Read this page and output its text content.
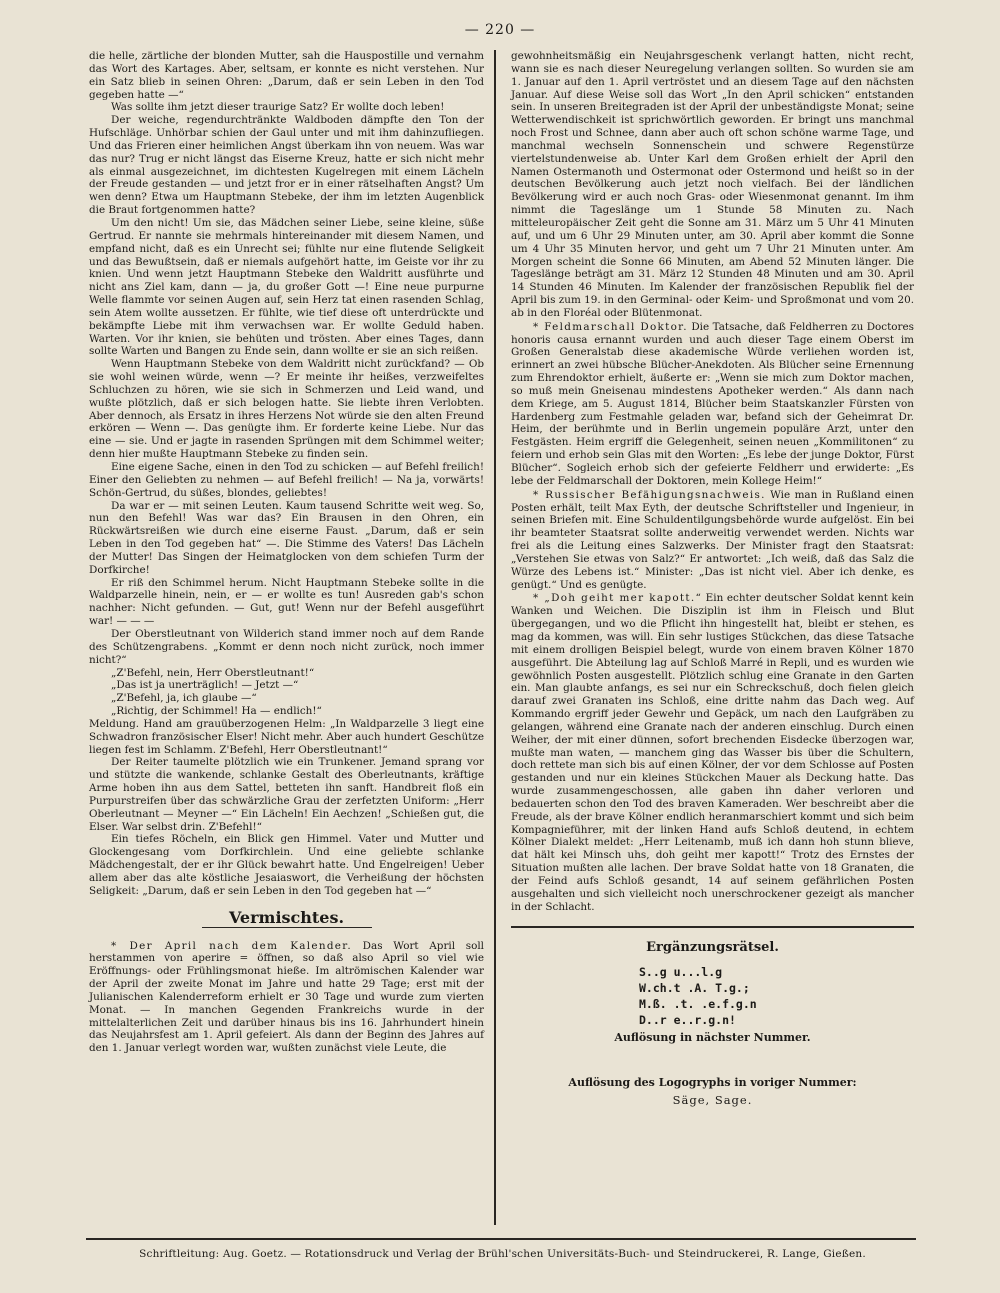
— 220 —

die helle, zärtliche der blonden Mutter, sah die Hauspostille und vernahm das Wort des Kartages. Aber, seltsam, er konnte es nicht verstehen. Nur ein Satz blieb in seinen Ohren: „Darum, daß er sein Leben in den Tod gegeben hatte —“

Was sollte ihm jetzt dieser traurige Satz? Er wollte doch leben!

Der weiche, regendurchtränkte Waldboden dämpfte den Ton der Hufschläge. Unhörbar schien der Gaul unter und mit ihm dahinzufliegen. Und das Frieren einer heimlichen Angst überkam ihn von neuem. Was war das nur? Trug er nicht längst das Eiserne Kreuz, hatte er sich nicht mehr als einmal ausgezeichnet, im dichtesten Kugelregen mit einem Lächeln der Freude gestanden — und jetzt fror er in einer rätselhaften Angst? Um wen denn? Etwa um Hauptmann Stebeke, der ihm im letzten Augenblick die Braut fortgenommen hatte?

Um den nicht! Um sie, das Mädchen seiner Liebe, seine kleine, süße Gertrud. Er nannte sie mehrmals hintereinander mit diesem Namen, und empfand nicht, daß es ein Unrecht sei; fühlte nur eine flutende Seligkeit und das Bewußtsein, daß er niemals aufgehört hatte, im Geiste vor ihr zu knien. Und wenn jetzt Hauptmann Stebeke den Waldritt ausführte und nicht ans Ziel kam, dann — ja, du großer Gott —! Eine neue purpurne Welle flammte vor seinen Augen auf, sein Herz tat einen rasenden Schlag, sein Atem wollte aussetzen. Er fühlte, wie tief diese oft unterdrückte und bekämpfte Liebe mit ihm verwachsen war. Er wollte Geduld haben. Warten. Vor ihr knien, sie behüten und trösten. Aber eines Tages, dann sollte Warten und Bangen zu Ende sein, dann wollte er sie an sich reißen.

Wenn Hauptmann Stebeke von dem Waldritt nicht zurückfand? — Ob sie wohl weinen würde, wenn —? Er meinte ihr heißes, verzweifeltes Schluchzen zu hören, wie sie sich in Schmerzen und Leid wand, und wußte plötzlich, daß er sich belogen hatte. Sie liebte ihren Verlobten. Aber dennoch, als Ersatz in ihres Herzens Not würde sie den alten Freund erkören — Wenn —. Das genügte ihm. Er forderte keine Liebe. Nur das eine — sie. Und er jagte in rasenden Sprüngen mit dem Schimmel weiter; denn hier mußte Hauptmann Stebeke zu finden sein.

Eine eigene Sache, einen in den Tod zu schicken — auf Befehl freilich! Einer den Geliebten zu nehmen — auf Befehl freilich! — Na ja, vorwärts! Schön-Gertrud, du süßes, blondes, geliebtes!

Da war er — mit seinen Leuten. Kaum tausend Schritte weit weg. So, nun den Befehl! Was war das? Ein Brausen in den Ohren, ein Rückwärtsreißen wie durch eine eiserne Faust. „Darum, daß er sein Leben in den Tod gegeben hat“ —. Die Stimme des Vaters! Das Lächeln der Mutter! Das Singen der Heimatglocken von dem schiefen Turm der Dorfkirche!

Er riß den Schimmel herum. Nicht Hauptmann Stebeke sollte in die Waldparzelle hinein, nein, er — er wollte es tun! Ausreden gab's schon nachher: Nicht gefunden. — Gut, gut! Wenn nur der Befehl ausgeführt war! — — —

Der Oberstleutnant von Wilderich stand immer noch auf dem Rande des Schützengrabens. „Kommt er denn noch nicht zurück, noch immer nicht?“

„Z'Befehl, nein, Herr Oberstleutnant!“

„Das ist ja unerträglich! — Jetzt —“

„Z'Befehl, ja, ich glaube —“

„Richtig, der Schimmel! Ha — endlich!“

Meldung. Hand am grauüberzogenen Helm: „In Waldparzelle 3 liegt eine Schwadron französischer Elser! Nicht mehr. Aber auch hundert Geschütze liegen fest im Schlamm. Z'Befehl, Herr Oberstleutnant!“

Der Reiter taumelte plötzlich wie ein Trunkener. Jemand sprang vor und stützte die wankende, schlanke Gestalt des Oberleutnants, kräftige Arme hoben ihn aus dem Sattel, betteten ihn sanft. Handbreit floß ein Purpurstreifen über das schwärzliche Grau der zerfetzten Uniform: „Herr Oberleutnant — Meyner —“ Ein Lächeln! Ein Aechzen! „Schießen gut, die Elser. War selbst drin. Z'Befehl!“

Ein tiefes Röcheln, ein Blick gen Himmel. Vater und Mutter und Glockengesang vom Dorfkirchlein. Und eine geliebte schlanke Mädchengestalt, der er ihr Glück bewahrt hatte. Und Engelreigen! Ueber allem aber das alte köstliche Jesaiaswort, die Verheißung der höchsten Seligkeit: „Darum, daß er sein Leben in den Tod gegeben hat —“

Vermischtes.

* Der April nach dem Kalender. Das Wort April soll herstammen von aperire = öffnen, so daß also April so viel wie Eröffnungs- oder Frühlingsmonat hieße. Im altrömischen Kalender war der April der zweite Monat im Jahre und hatte 29 Tage; erst mit der Julianischen Kalenderreform erhielt er 30 Tage und wurde zum vierten Monat. — In manchen Gegenden Frankreichs wurde in der mittelalterlichen Zeit und darüber hinaus bis ins 16. Jahrhundert hinein das Neujahrsfest am 1. April gefeiert. Als dann der Beginn des Jahres auf den 1. Januar verlegt worden war, wußten zunächst viele Leute, die

gewohnheitsmäßig ein Neujahrsgeschenk verlangt hatten, nicht recht, wann sie es nach dieser Neuregelung verlangen sollten. So wurden sie am 1. Januar auf den 1. April vertröstet und an diesem Tage auf den nächsten Januar. Auf diese Weise soll das Wort „In den April schicken“ entstanden sein. In unseren Breitegraden ist der April der unbeständigste Monat; seine Wetterwendischkeit ist sprichwörtlich geworden. Er bringt uns manchmal noch Frost und Schnee, dann aber auch oft schon schöne warme Tage, und manchmal wechseln Sonnenschein und schwere Regenstürze viertelstundenweise ab. Unter Karl dem Großen erhielt der April den Namen Ostermanoth und Ostermonat oder Ostermond und heißt so in der deutschen Bevölkerung auch jetzt noch vielfach. Bei der ländlichen Bevölkerung wird er auch noch Gras- oder Wiesenmonat genannt. Im ihm nimmt die Tageslänge um 1 Stunde 58 Minuten zu. Nach mitteleuropäischer Zeit geht die Sonne am 31. März um 5 Uhr 41 Minuten auf, und um 6 Uhr 29 Minuten unter, am 30. April aber kommt die Sonne um 4 Uhr 35 Minuten hervor, und geht um 7 Uhr 21 Minuten unter. Am Morgen scheint die Sonne 66 Minuten, am Abend 52 Minuten länger. Die Tageslänge beträgt am 31. März 12 Stunden 48 Minuten und am 30. April 14 Stunden 46 Minuten. Im Kalender der französischen Republik fiel der April bis zum 19. in den Germinal- oder Keim- und Sproßmonat und vom 20. ab in den Floréal oder Blütenmonat.

* Feldmarschall Doktor. Die Tatsache, daß Feldherren zu Doctores honoris causa ernannt wurden und auch dieser Tage einem Oberst im Großen Generalstab diese akademische Würde verliehen worden ist, erinnert an zwei hübsche Blücher-Anekdoten. Als Blücher seine Ernennung zum Ehrendoktor erhielt, äußerte er: „Wenn sie mich zum Doktor machen, so muß mein Gneisenau mindestens Apotheker werden.“ Als dann nach dem Kriege, am 5. August 1814, Blücher beim Staatskanzler Fürsten von Hardenberg zum Festmahle geladen war, befand sich der Geheimrat Dr. Heim, der berühmte und in Berlin ungemein populäre Arzt, unter den Festgästen. Heim ergriff die Gelegenheit, seinen neuen „Kommilitonen“ zu feiern und erhob sein Glas mit den Worten: „Es lebe der junge Doktor, Fürst Blücher“. Sogleich erhob sich der gefeierte Feldherr und erwiderte: „Es lebe der Feldmarschall der Doktoren, mein Kollege Heim!“

* Russischer Befähigungsnachweis. Wie man in Rußland einen Posten erhält, teilt Max Eyth, der deutsche Schriftsteller und Ingenieur, in seinen Briefen mit. Eine Schuldentilgungsbehörde wurde aufgelöst. Ein bei ihr beamteter Staatsrat sollte anderweitig verwendet werden. Nichts war frei als die Leitung eines Salzwerks. Der Minister fragt den Staatsrat: „Verstehen Sie etwas von Salz?“ Er antwortet: „Ich weiß, daß das Salz die Würze des Lebens ist.“ Minister: „Das ist nicht viel. Aber ich denke, es genügt.“ Und es genügte.

* „Doh geiht mer kapott.“ Ein echter deutscher Soldat kennt kein Wanken und Weichen. Die Disziplin ist ihm in Fleisch und Blut übergegangen, und wo die Pflicht ihn hingestellt hat, bleibt er stehen, es mag da kommen, was will. Ein sehr lustiges Stückchen, das diese Tatsache mit einem drolligen Beispiel belegt, wurde von einem braven Kölner 1870 ausgeführt. Die Abteilung lag auf Schloß Marré in Repli, und es wurden wie gewöhnlich Posten ausgestellt. Plötzlich schlug eine Granate in den Garten ein. Man glaubte anfangs, es sei nur ein Schreckschuß, doch fielen gleich darauf zwei Granaten ins Schloß, eine dritte nahm das Dach weg. Auf Kommando ergriff jeder Gewehr und Gepäck, um nach den Laufgräben zu gelangen, während eine Granate nach der anderen einschlug. Durch einen Weiher, der mit einer dünnen, sofort brechenden Eisdecke überzogen war, mußte man waten, — manchem ging das Wasser bis über die Schultern, doch rettete man sich bis auf einen Kölner, der vor dem Schlosse auf Posten gestanden und nur ein kleines Stückchen Mauer als Deckung hatte. Das wurde zusammengeschossen, alle gaben ihn daher verloren und bedauerten schon den Tod des braven Kameraden. Wer beschreibt aber die Freude, als der brave Kölner endlich heranmarschiert kommt und sich beim Kompagnieführer, mit der linken Hand aufs Schloß deutend, in echtem Kölner Dialekt meldet: „Herr Leitenamb, muß ich dann hoh stunn blieve, dat hält kei Minsch uhs, doh geiht mer kapott!“ Trotz des Ernstes der Situation mußten alle lachen. Der brave Soldat hatte von 18 Granaten, die der Feind aufs Schloß gesandt, 14 auf seinem gefährlichen Posten ausgehalten und sich vielleicht noch unerschrockener gezeigt als mancher in der Schlacht.

Ergänzungsrätsel.
S..g u...l.g
W.ch.t .A. T.g.;
M.ß. .t. .e.f.g.n
D..r e..r.g.n!
Auflösung in nächster Nummer.
Auflösung des Logogryphs in voriger Nummer:
Säge, Sage.
Schriftleitung: Aug. Goetz. — Rotationsdruck und Verlag der Brühl'schen Universitäts-Buch- und Steindruckerei, R. Lange, Gießen.
